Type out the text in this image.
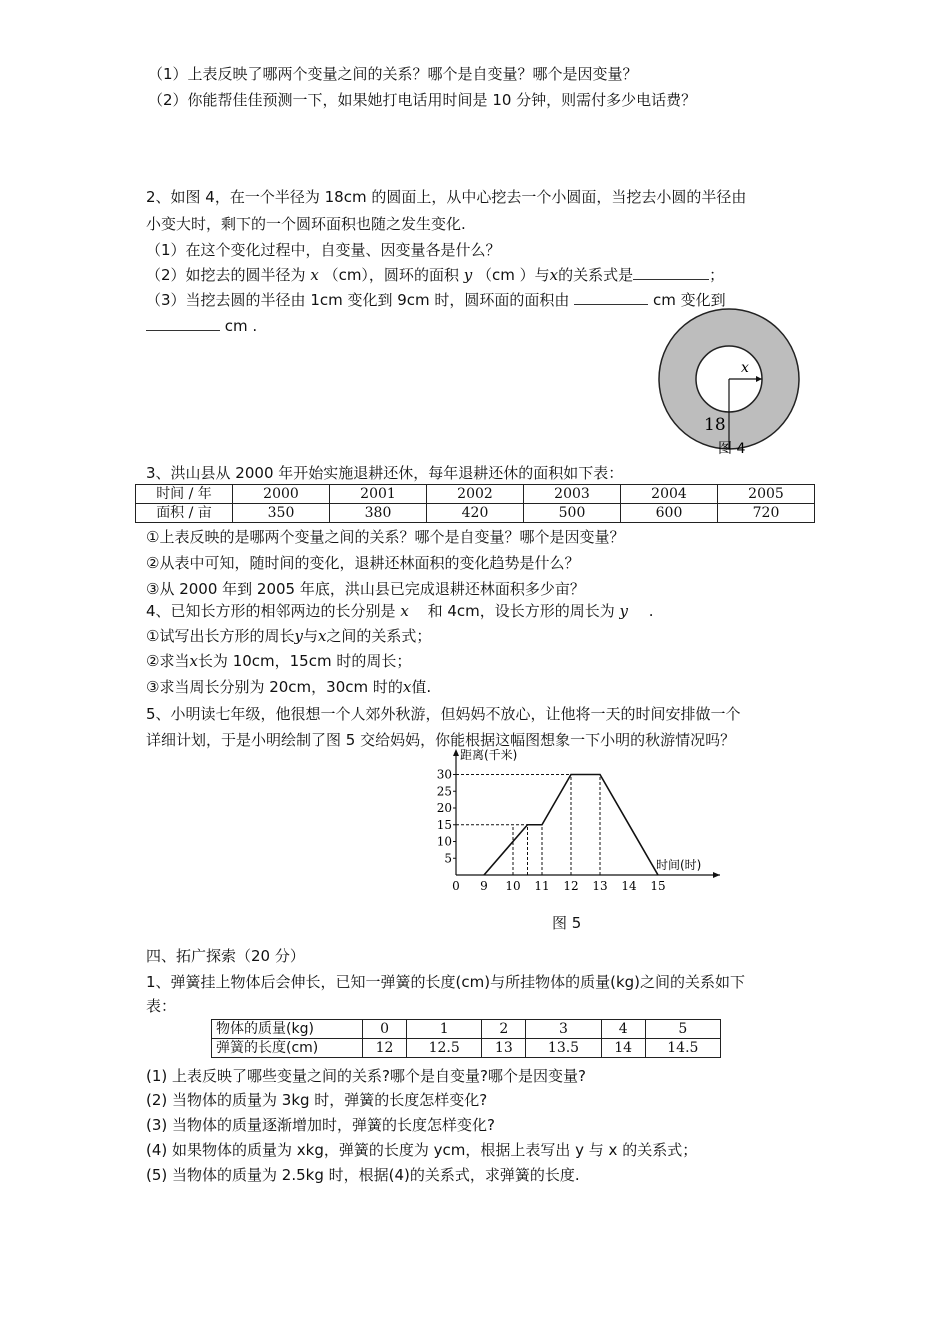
（1）上表反映了哪两个变量之间的关系？哪个是自变量？哪个是因变量？
（2）你能帮佳佳预测一下，如果她打电话用时间是 10 分钟，则需付多少电话费？
2、如图 4，在一个半径为 18cm 的圆面上，从中心挖去一个小圆面，当挖去小圆的半径由
小变大时，剩下的一个圆环面积也随之发生变化.
（1）在这个变化过程中，自变量、因变量各是什么？
（2）如挖去的圆半径为 x （cm），圆环的面积 y （cm ）与x的关系式是	；
（3）当挖去圆的半径由 1cm 变化到 9cm 时，圆环面的面积由	cm 变化到
cm .
x
18
图 4
3、洪山县从 2000 年开始实施退耕还休，每年退耕还休的面积如下表：
时间 / 年	2000	2001	2002	2003	2004	2005
面积 / 亩	350	380	420	500	600	720
①上表反映的是哪两个变量之间的关系？哪个是自变量？哪个是因变量？
②从表中可知，随时间的变化，退耕还林面积的变化趋势是什么？
③从 2000 年到 2005 年底，洪山县已完成退耕还林面积多少亩？
4、已知长方形的相邻两边的长分别是 x 和 4cm，设长方形的周长为 y .
①试写出长方形的周长y与x之间的关系式；
②求当x长为 10cm，15cm 时的周长；
③求当周长分别为 20cm，30cm 时的x值.
5、小明读七年级，他很想一个人郊外秋游，但妈妈不放心，让他将一天的时间安排做一个
详细计划，于是小明绘制了图 5 交给妈妈，你能根据这幅图想象一下小明的秋游情况吗？
5
10
15
20
25
30
0 9 10 11 12 13 14 15
距离(千米)
时间(时)
图 5
四、拓广探索（20 分）
1、弹簧挂上物体后会伸长，已知一弹簧的长度(cm)与所挂物体的质量(kg)之间的关系如下
表：
物体的质量(kg)	0	1	2	3	4	5
弹簧的长度(cm)	12	12.5	13	13.5	14	14.5
(1) 上表反映了哪些变量之间的关系?哪个是自变量?哪个是因变量?
(2) 当物体的质量为 3kg 时，弹簧的长度怎样变化?
(3) 当物体的质量逐渐增加时，弹簧的长度怎样变化?
(4) 如果物体的质量为 xkg，弹簧的长度为 ycm，根据上表写出 y 与 x 的关系式；
(5) 当物体的质量为 2.5kg 时，根据(4)的关系式，求弹簧的长度.
